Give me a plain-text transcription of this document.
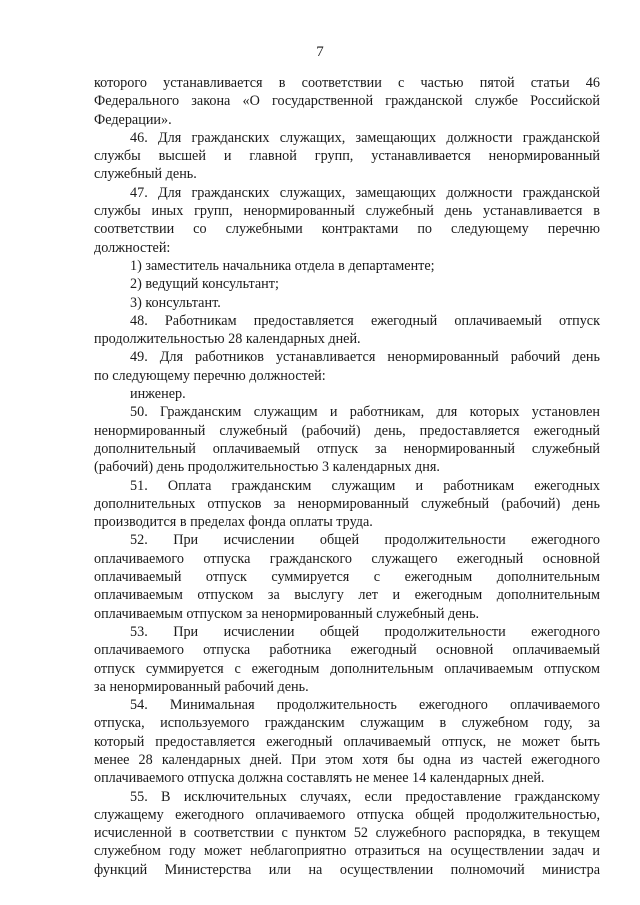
7
которого устанавливается в соответствии с частью пятой статьи 46
Федерального закона «О государственной гражданской службе Российской
Федерации».
46. Для гражданских служащих, замещающих должности гражданской
службы высшей и главной групп, устанавливается ненормированный
служебный день.
47. Для гражданских служащих, замещающих должности гражданской
службы иных групп, ненормированный служебный день устанавливается в
соответствии со служебными контрактами по следующему перечню
должностей:
1) заместитель начальника отдела в департаменте;
2) ведущий консультант;
3) консультант.
48. Работникам предоставляется ежегодный оплачиваемый отпуск
продолжительностью 28 календарных дней.
49. Для работников устанавливается ненормированный рабочий день
по следующему перечню должностей:
инженер.
50. Гражданским служащим и работникам, для которых установлен
ненормированный служебный (рабочий) день, предоставляется ежегодный
дополнительный оплачиваемый отпуск за ненормированный служебный
(рабочий) день продолжительностью 3 календарных дня.
51. Оплата гражданским служащим и работникам ежегодных
дополнительных отпусков за ненормированный служебный (рабочий) день
производится в пределах фонда оплаты труда.
52. При исчислении общей продолжительности ежегодного
оплачиваемого отпуска гражданского служащего ежегодный основной
оплачиваемый отпуск суммируется с ежегодным дополнительным
оплачиваемым отпуском за выслугу лет и ежегодным дополнительным
оплачиваемым отпуском за ненормированный служебный день.
53. При исчислении общей продолжительности ежегодного
оплачиваемого отпуска работника ежегодный основной оплачиваемый
отпуск суммируется с ежегодным дополнительным оплачиваемым отпуском
за ненормированный рабочий день.
54. Минимальная продолжительность ежегодного оплачиваемого
отпуска, используемого гражданским служащим в служебном году, за
который предоставляется ежегодный оплачиваемый отпуск, не может быть
менее 28 календарных дней. При этом хотя бы одна из частей ежегодного
оплачиваемого отпуска должна составлять не менее 14 календарных дней.
55. В исключительных случаях, если предоставление гражданскому
служащему ежегодного оплачиваемого отпуска общей продолжительностью,
исчисленной в соответствии с пунктом 52 служебного распорядка, в текущем
служебном году может неблагоприятно отразиться на осуществлении задач и
функций Министерства или на осуществлении полномочий министра
